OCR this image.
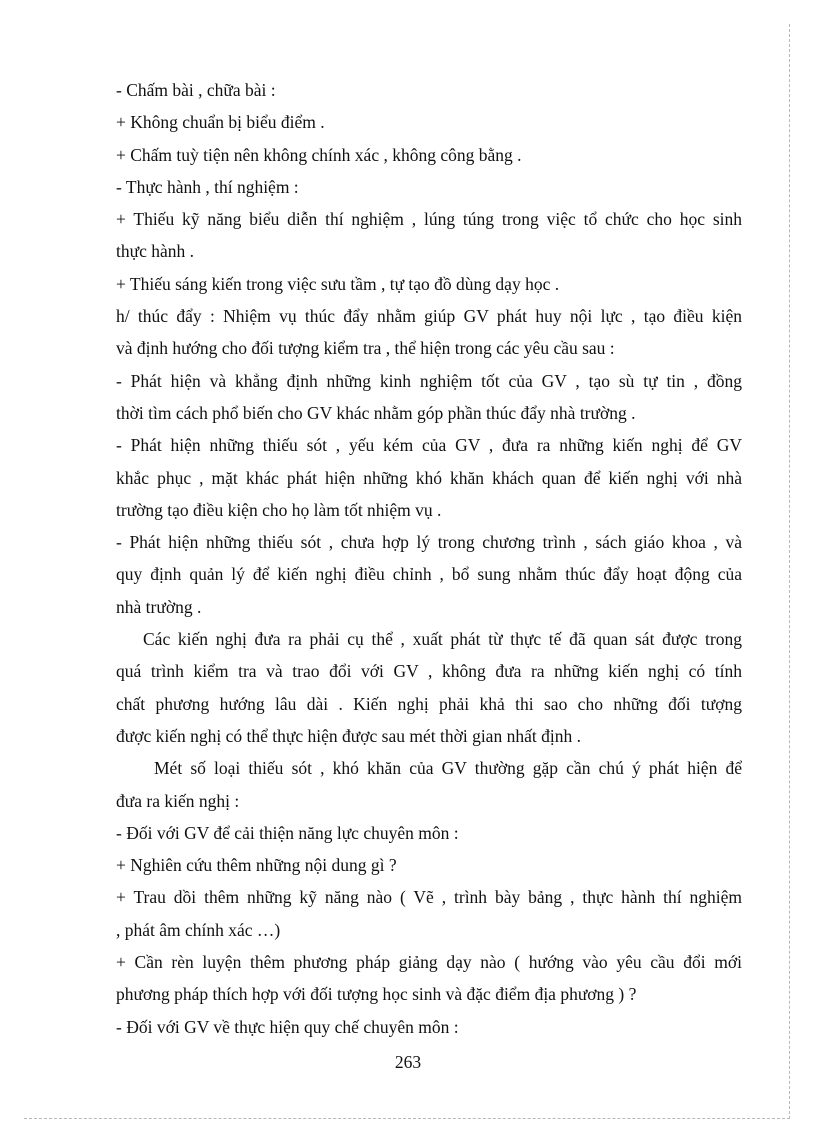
- Chấm bài , chữa bài :
+ Không chuẩn bị biểu điểm .
+ Chấm tuỳ tiện nên không chính xác , không công bằng .
- Thực hành , thí nghiệm :
+ Thiếu kỹ năng biểu diễn thí nghiệm , lúng túng trong việc tổ chức cho học sinh
thực hành .
+ Thiếu sáng kiến trong việc sưu tầm , tự tạo đồ dùng dạy học .
h/ thúc đẩy : Nhiệm vụ thúc đẩy nhằm giúp GV phát huy nội lực , tạo điều kiện
và định hướng cho đối tượng kiểm tra , thể hiện trong các yêu cầu sau :
- Phát hiện và khẳng định những kinh nghiệm tốt của GV , tạo sù tự tin , đồng
thời tìm cách phổ biến cho GV khác nhằm góp phần thúc đẩy nhà trường .
- Phát hiện những thiếu sót , yếu kém của GV , đưa ra những kiến nghị để GV
khắc phục , mặt khác phát hiện những khó khăn khách quan để kiến nghị với nhà
trường tạo điều kiện cho họ làm tốt nhiệm vụ .
- Phát hiện những thiếu sót , chưa hợp lý trong chương trình , sách giáo khoa , và
quy định quản lý để kiến nghị điều chỉnh , bổ sung nhằm thúc đẩy hoạt động của
nhà trường .
Các kiến nghị đưa ra phải cụ thể , xuất phát từ thực tế đã quan sát được trong
quá trình kiểm tra và trao đổi với GV , không đưa ra những kiến nghị có tính
chất phương hướng lâu dài . Kiến nghị phải khả thi sao cho những đối tượng
được kiến nghị có thể thực hiện được sau mét thời gian nhất định .
Mét số loại thiếu sót , khó khăn của GV thường gặp cần chú ý phát hiện để
đưa ra kiến nghị :
- Đối với GV để cải thiện năng lực chuyên môn :
+ Nghiên cứu thêm những nội dung gì ?
+ Trau dồi thêm những kỹ năng nào ( Vẽ , trình bày bảng , thực hành thí nghiệm
, phát âm chính xác …)
+ Cần rèn luyện thêm phương pháp giảng dạy nào ( hướng vào yêu cầu đổi mới
phương pháp thích hợp với đối tượng học sinh và đặc điểm địa phương ) ?
- Đối với GV về thực hiện quy chế chuyên môn :
263
